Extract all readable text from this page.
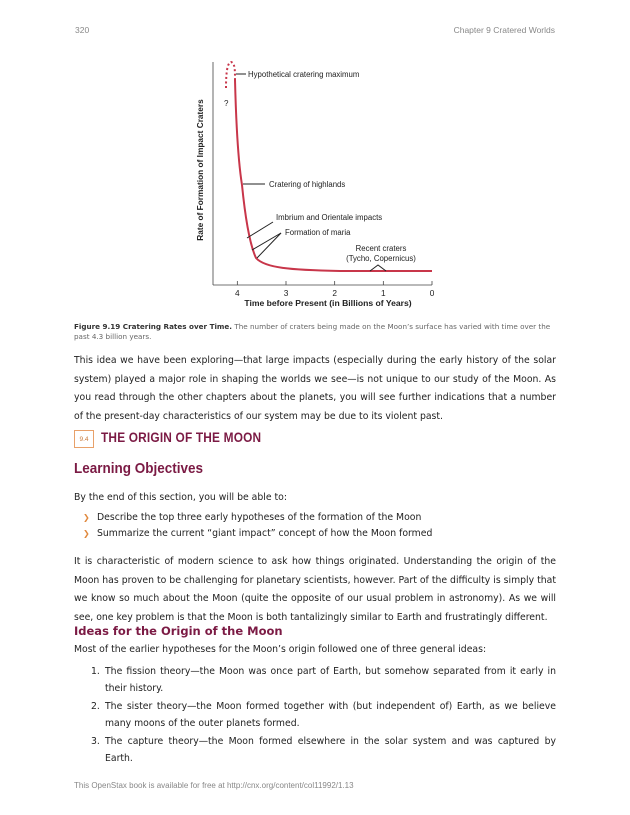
320	Chapter 9 Cratered Worlds
Rate of Formation of Impact Craters
Time before Present (in Billions of Years)
4	3	2	1	0
?
Hypothetical cratering maximum
Cratering of highlands
Imbrium and Orientale impacts
Formation of maria
Recent craters
(Tycho, Copernicus)
Figure 9.19 Cratering Rates over Time. The number of craters being made on the Moon’s surface has varied with time over the past 4.3 billion years.

This idea we have been exploring—that large impacts (especially during the early history of the solar system) played a major role in shaping the worlds we see—is not unique to our study of the Moon. As you read through the other chapters about the planets, you will see further indications that a number of the present-day characteristics of our system may be due to its violent past.

9.4 THE ORIGIN OF THE MOON
Learning Objectives
By the end of this section, you will be able to:
❯ Describe the top three early hypotheses of the formation of the Moon
❯ Summarize the current “giant impact” concept of how the Moon formed

It is characteristic of modern science to ask how things originated. Understanding the origin of the Moon has proven to be challenging for planetary scientists, however. Part of the difficulty is simply that we know so much about the Moon (quite the opposite of our usual problem in astronomy). As we will see, one key problem is that the Moon is both tantalizingly similar to Earth and frustratingly different.

Ideas for the Origin of the Moon
Most of the earlier hypotheses for the Moon’s origin followed one of three general ideas:
1. The fission theory—the Moon was once part of Earth, but somehow separated from it early in their history.
2. The sister theory—the Moon formed together with (but independent of) Earth, as we believe many moons of the outer planets formed.
3. The capture theory—the Moon formed elsewhere in the solar system and was captured by Earth.
This OpenStax book is available for free at http://cnx.org/content/col11992/1.13
